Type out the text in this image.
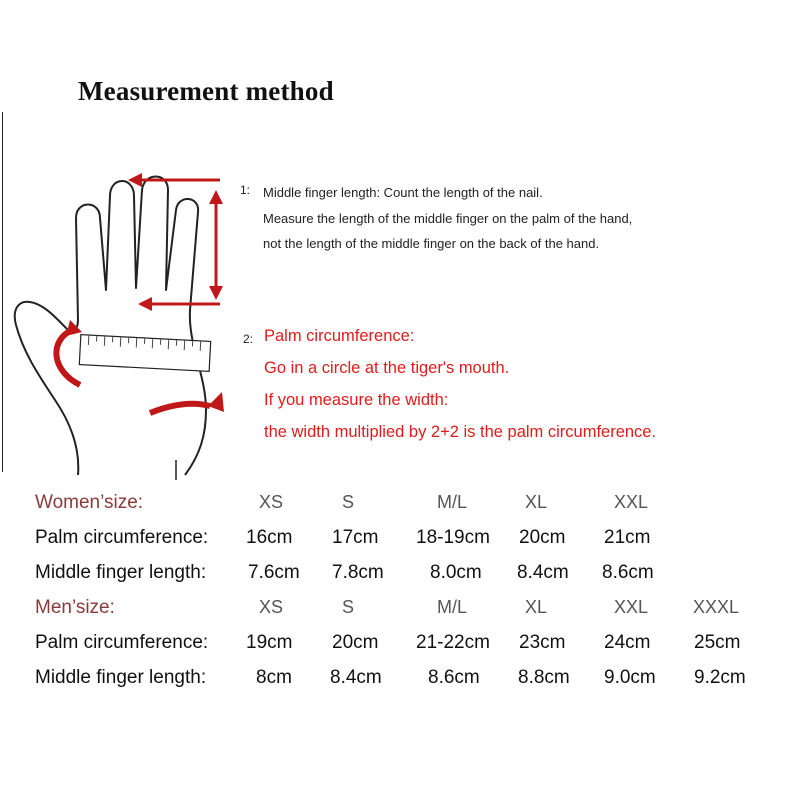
Measurement method
1: Middle finger length: Count the length of the nail.
Measure the length of the middle finger on the palm of the hand,
not the length of the middle finger on the back of the hand.
2: Palm circumference:
Go in a circle at the tiger's mouth.
If you measure the width:
the width multiplied by 2+2 is the palm circumference.
Women’size:	XS	S	M/L	XL	XXL
Palm circumference: 16cm 17cm 18-19cm 20cm 21cm
Middle finger length: 7.6cm 7.8cm 8.0cm 8.4cm 8.6cm
Men’size:	XS	S	M/L	XL	XXL XXXL
Palm circumference: 19cm 20cm 21-22cm 23cm 24cm 25cm
Middle finger length:	8cm 8.4cm 8.6cm 8.8cm 9.0cm 9.2cm
